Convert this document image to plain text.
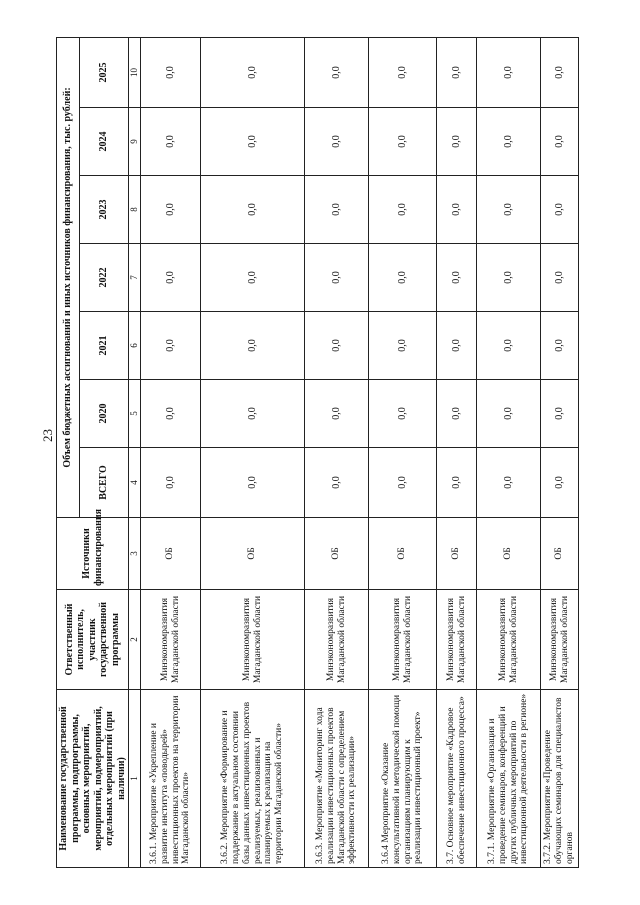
23
Наименование государственной программы, подпрограммы, основных мероприятий, мероприятий, подмероприятий, отдельных мероприятий (при наличии)	Ответственный исполнитель, участник государственной программы	Источники финансирования	Объем бюджетных ассигнований и иных источников финансирования, тыс. рублей:						
			ВСЕГО	2020	2021	2022	2023	2024	2025
1	2	3	4	5	6	7	8	9	10
3.6.1. Мероприятие «Укрепление и развитие института «поводырей» инвестиционных проектов на территории Магаданской области»	Минэкономразвития Магаданской области	ОБ	0,0	0,0	0,0	0,0	0,0	0,0	0,0
3.6.2. Мероприятие «Формирование и поддержание в актуальном состоянии базы данных инвестиционных проектов реализуемых, реализованных и планируемых к реализации на территории Магаданской области»	Минэкономразвития Магаданской области	ОБ	0,0	0,0	0,0	0,0	0,0	0,0	0,0
3.6.3. Мероприятие «Мониторинг хода реализации инвестиционных проектов Магаданской области с определением эффективности их реализации»	Минэкономразвития Магаданской области	ОБ	0,0	0,0	0,0	0,0	0,0	0,0	0,0
3.6.4 Мероприятие «Оказание консультативной и методической помощи организациям планирующим к реализации инвестиционный проект»	Минэкономразвития Магаданской области	ОБ	0,0	0,0	0,0	0,0	0,0	0,0	0,0
3.7. Основное мероприятие «Кадровое обеспечение инвестиционного процесса»	Минэкономразвития Магаданской области	ОБ	0,0	0,0	0,0	0,0	0,0	0,0	0,0
3.7.1. Мероприятие «Организация и проведение семинаров, конференций и других публичных мероприятий по инвестиционной деятельности в регионе»	Минэкономразвития Магаданской области	ОБ	0,0	0,0	0,0	0,0	0,0	0,0	0,0
3.7.2. Мероприятие «Проведение обучающих семинаров для специалистов органов	Минэкономразвития Магаданской области	ОБ	0,0	0,0	0,0	0,0	0,0	0,0	0,0
